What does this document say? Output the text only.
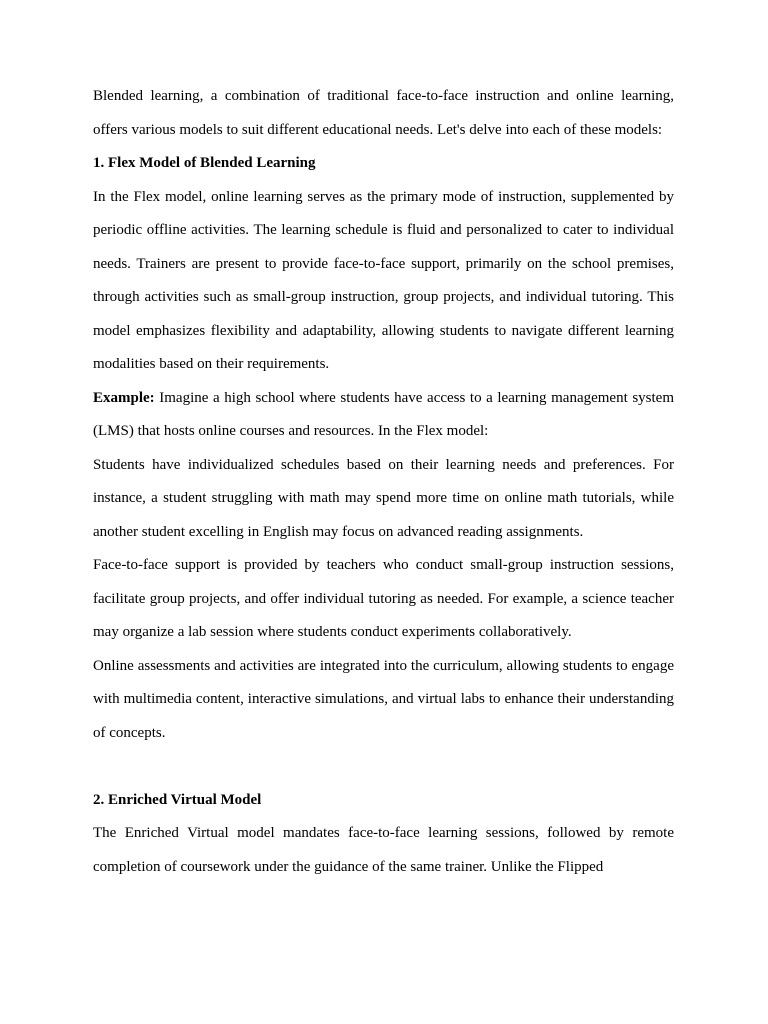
Blended learning, a combination of traditional face-to-face instruction and online learning, offers various models to suit different educational needs. Let's delve into each of these models:

1. Flex Model of Blended Learning

In the Flex model, online learning serves as the primary mode of instruction, supplemented by periodic offline activities. The learning schedule is fluid and personalized to cater to individual needs. Trainers are present to provide face-to-face support, primarily on the school premises, through activities such as small-group instruction, group projects, and individual tutoring. This model emphasizes flexibility and adaptability, allowing students to navigate different learning modalities based on their requirements.

Example: Imagine a high school where students have access to a learning management system (LMS) that hosts online courses and resources. In the Flex model:

Students have individualized schedules based on their learning needs and preferences. For instance, a student struggling with math may spend more time on online math tutorials, while another student excelling in English may focus on advanced reading assignments.

Face-to-face support is provided by teachers who conduct small-group instruction sessions, facilitate group projects, and offer individual tutoring as needed. For example, a science teacher may organize a lab session where students conduct experiments collaboratively.

Online assessments and activities are integrated into the curriculum, allowing students to engage with multimedia content, interactive simulations, and virtual labs to enhance their understanding of concepts.

2. Enriched Virtual Model

The Enriched Virtual model mandates face-to-face learning sessions, followed by remote completion of coursework under the guidance of the same trainer. Unlike the Flipped
